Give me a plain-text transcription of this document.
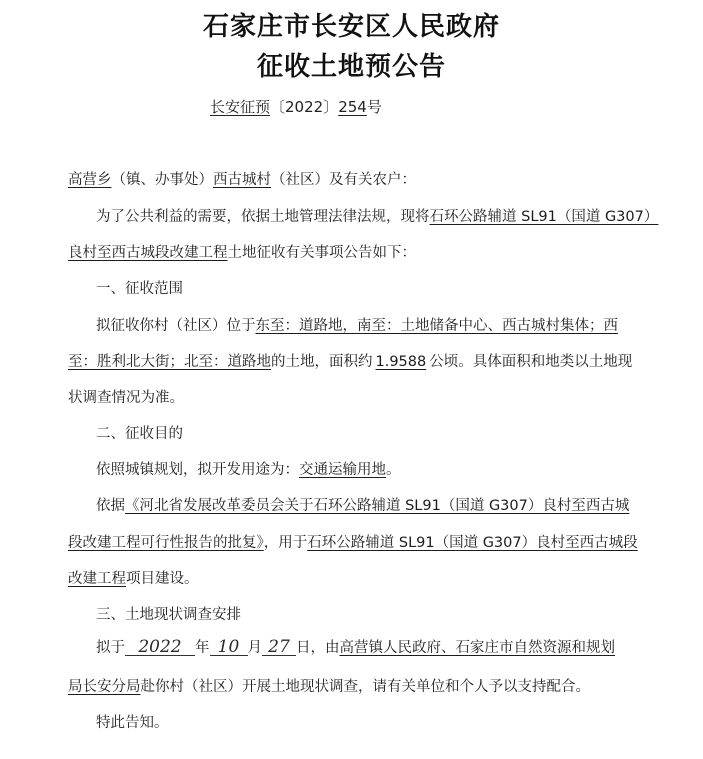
石家庄市长安区人民政府
征收土地预公告
长安征预〔2022〕254号
高营乡（镇、办事处）西古城村（社区）及有关农户：
为了公共利益的需要，依据土地管理法律法规，现将石环公路辅道 SL91（国道 G307）
良村至西古城段改建工程土地征收有关事项公告如下：
一、征收范围
拟征收你村（社区）位于东至：道路地，南至：土地储备中心、西古城村集体；西
至：胜利北大街；北至：道路地的土地，面积约 1.9588 公顷。具体面积和地类以土地现
状调查情况为准。
二、征收目的
依照城镇规划，拟开发用途为：交通运输用地。
依据《河北省发展改革委员会关于石环公路辅道 SL91（国道 G307）良村至西古城
段改建工程可行性报告的批复》，用于石环公路辅道 SL91（国道 G307）良村至西古城段
改建工程项目建设。
三、土地现状调查安排
拟于 2022 年 10 月 27 日，由高营镇人民政府、石家庄市自然资源和规划
局长安分局赴你村（社区）开展土地现状调查，请有关单位和个人予以支持配合。
特此告知。
